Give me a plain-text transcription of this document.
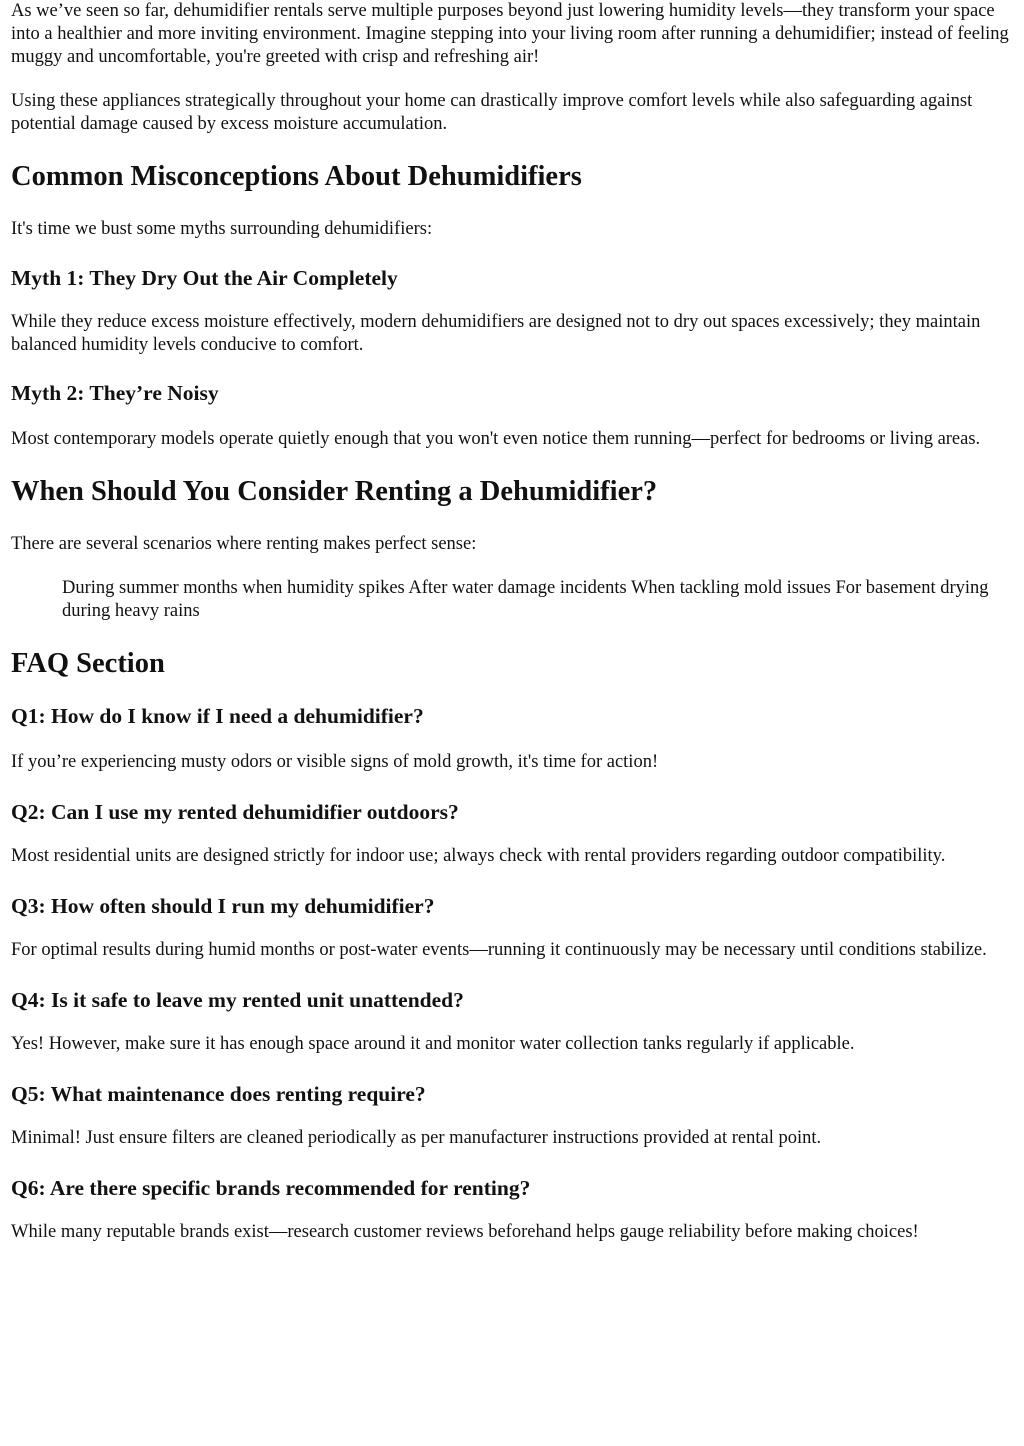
As we’ve seen so far, dehumidifier rentals serve multiple purposes beyond just lowering humidity levels—they transform your space into a healthier and more inviting environment. Imagine stepping into your living room after running a dehumidifier; instead of feeling muggy and uncomfortable, you're greeted with crisp and refreshing air!

Using these appliances strategically throughout your home can drastically improve comfort levels while also safeguarding against potential damage caused by excess moisture accumulation.

Common Misconceptions About Dehumidifiers

It's time we bust some myths surrounding dehumidifiers:

Myth 1: They Dry Out the Air Completely

While they reduce excess moisture effectively, modern dehumidifiers are designed not to dry out spaces excessively; they maintain balanced humidity levels conducive to comfort.

Myth 2: They’re Noisy

Most contemporary models operate quietly enough that you won't even notice them running—perfect for bedrooms or living areas.

When Should You Consider Renting a Dehumidifier?

There are several scenarios where renting makes perfect sense:

During summer months when humidity spikes After water damage incidents When tackling mold issues For basement drying during heavy rains
FAQ Section
Q1: How do I know if I need a dehumidifier?

If you’re experiencing musty odors or visible signs of mold growth, it's time for action!

Q2: Can I use my rented dehumidifier outdoors?

Most residential units are designed strictly for indoor use; always check with rental providers regarding outdoor compatibility.

Q3: How often should I run my dehumidifier?

For optimal results during humid months or post-water events—running it continuously may be necessary until conditions stabilize.

Q4: Is it safe to leave my rented unit unattended?

Yes! However, make sure it has enough space around it and monitor water collection tanks regularly if applicable.

Q5: What maintenance does renting require?

Minimal! Just ensure filters are cleaned periodically as per manufacturer instructions provided at rental point.

Q6: Are there specific brands recommended for renting?

While many reputable brands exist—research customer reviews beforehand helps gauge reliability before making choices!
